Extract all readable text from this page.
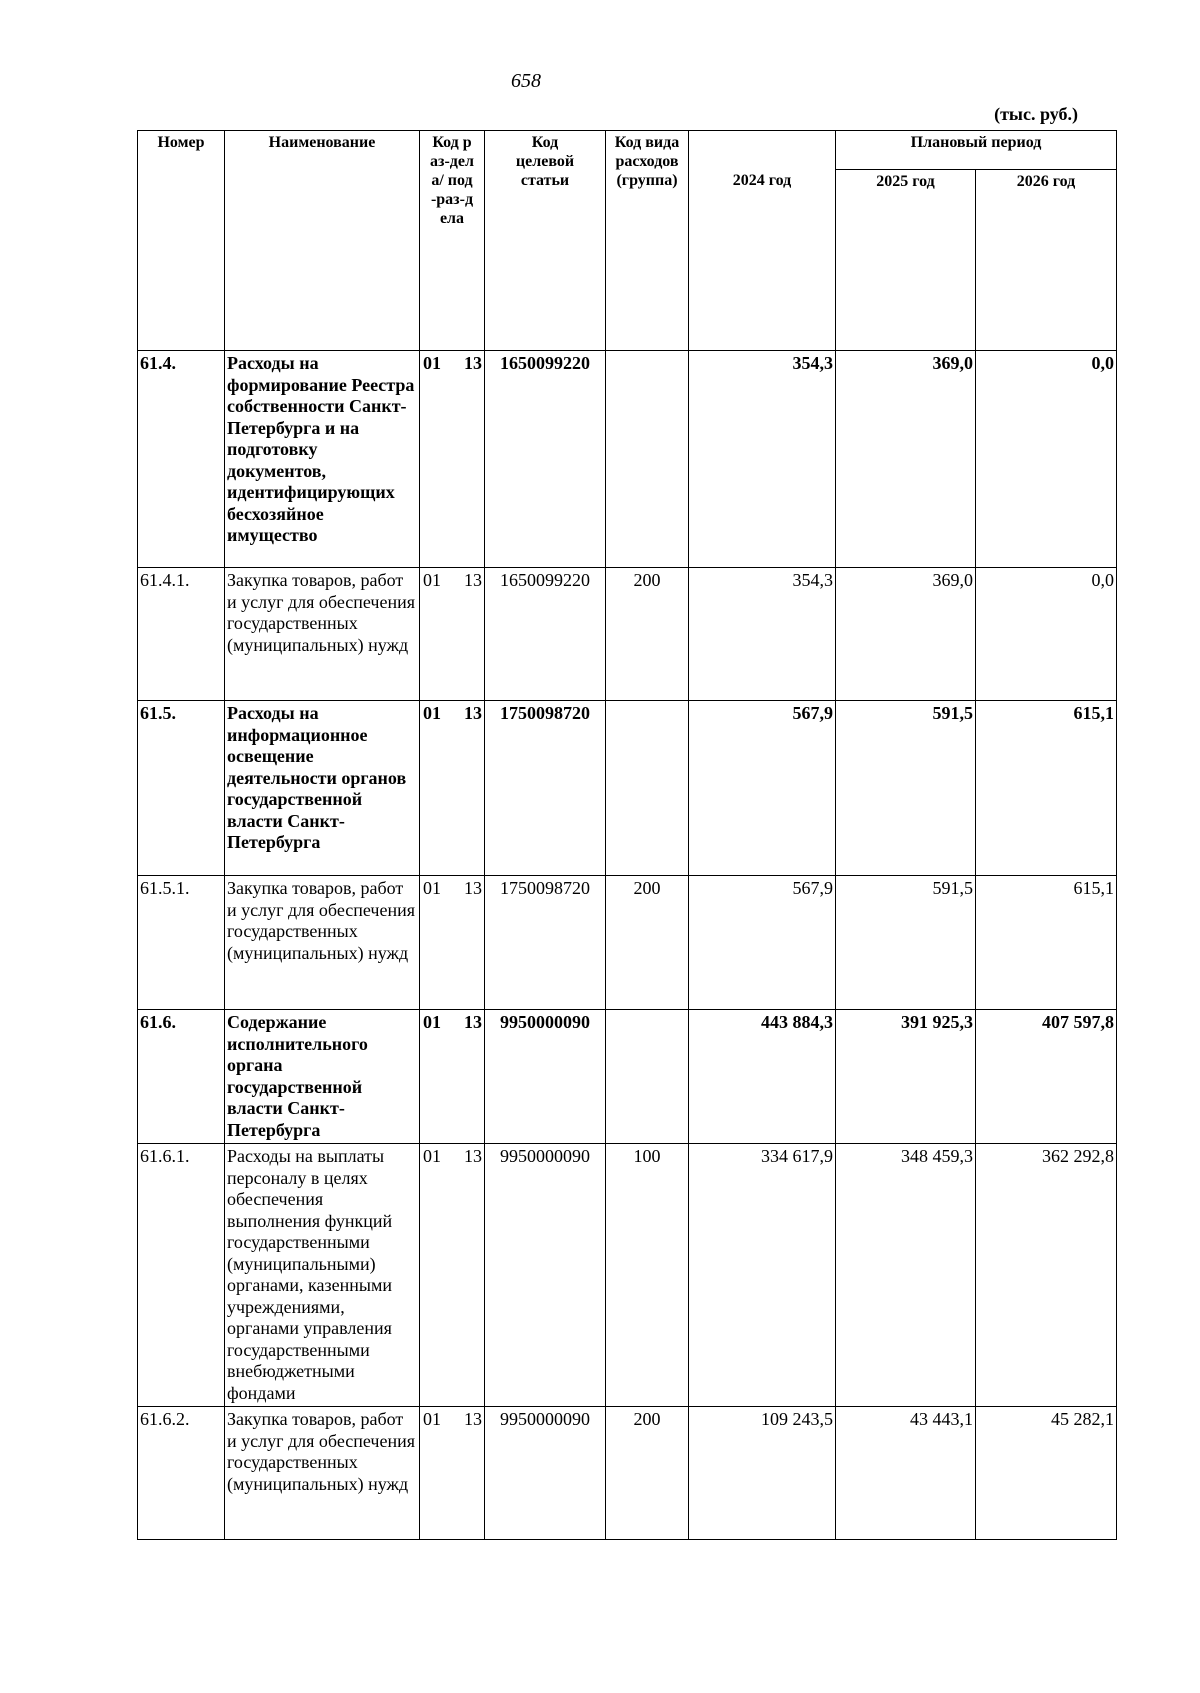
658
(тыс. руб.)
Номер	Наименование	Код раз-дела/ под-раз-дела	Код целевой статьи	Код вида расходов (группа)	2024 год	Плановый период	
						2025 год	2026 год
61.4.	Расходы на формирование Реестра собственности Санкт-Петербурга и на подготовку документов, идентифицирующих бесхозяйное имущество	01 13	1650099220		354,3	369,0	0,0
61.4.1.	Закупка товаров, работ и услуг для обеспечения государственных (муниципальных) нужд	01 13	1650099220	200	354,3	369,0	0,0
61.5.	Расходы на информационное освещение деятельности органов государственной власти Санкт-Петербурга	01 13	1750098720		567,9	591,5	615,1
61.5.1.	Закупка товаров, работ и услуг для обеспечения государственных (муниципальных) нужд	01 13	1750098720	200	567,9	591,5	615,1
61.6.	Содержание исполнительного органа государственной власти Санкт-Петербурга	01 13	9950000090		443 884,3	391 925,3	407 597,8
61.6.1.	Расходы на выплаты персоналу в целях обеспечения выполнения функций государственными (муниципальными) органами, казенными учреждениями, органами управления государственными внебюджетными фондами	01 13	9950000090	100	334 617,9	348 459,3	362 292,8
61.6.2.	Закупка товаров, работ и услуг для обеспечения государственных (муниципальных) нужд	01 13	9950000090	200	109 243,5	43 443,1	45 282,1
